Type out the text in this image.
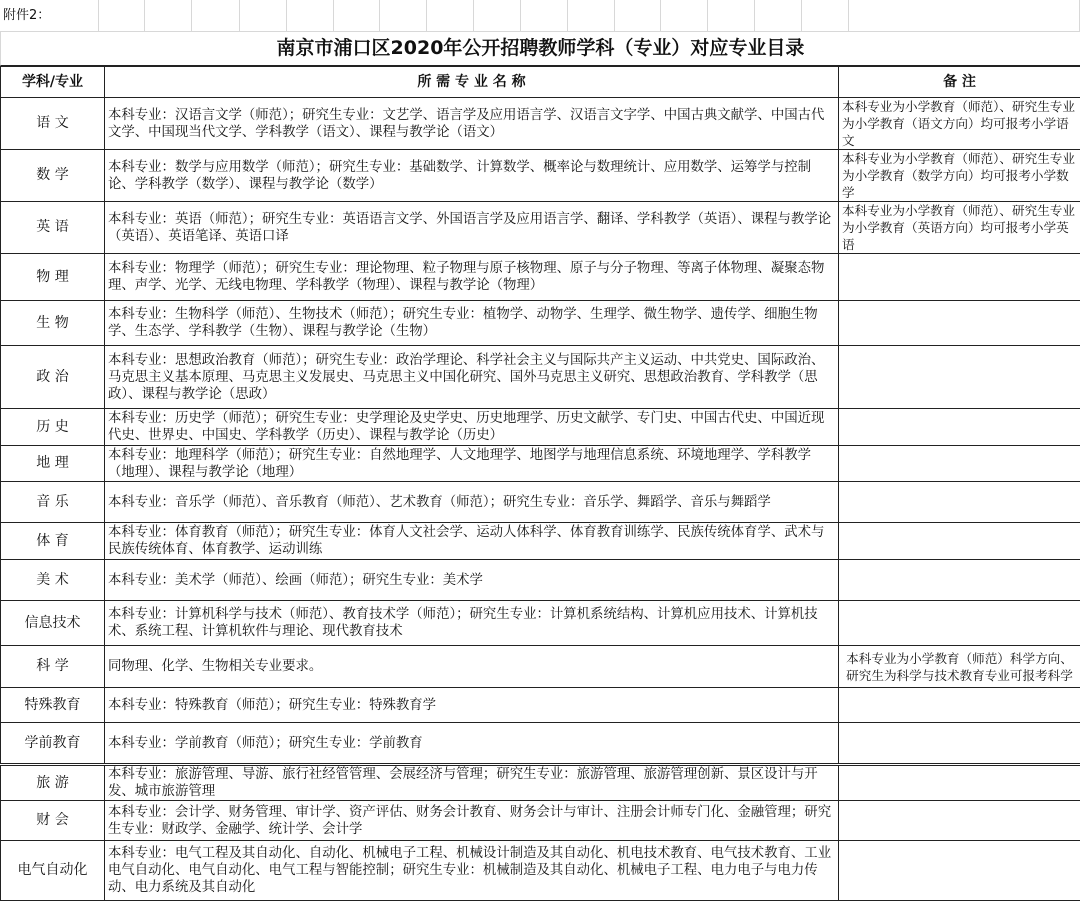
附件2：
南京市浦口区2020年公开招聘教师学科（专业）对应专业目录
学科/专业	所 需 专 业 名 称	备 注
语 文	本科专业：汉语言文学（师范）；研究生专业：文艺学、语言学及应用语言学、汉语言文字学、中国古典文献学、中国古代文学、中国现当代文学、学科教学（语文）、课程与教学论（语文）	本科专业为小学教育（师范）、研究生专业为小学教育（语文方向）均可报考小学语文
数 学	本科专业：数学与应用数学（师范）；研究生专业：基础数学、计算数学、概率论与数理统计、应用数学、运筹学与控制论、学科教学（数学）、课程与教学论（数学）	本科专业为小学教育（师范）、研究生专业为小学教育（数学方向）均可报考小学数学
英 语	本科专业：英语（师范）；研究生专业：英语语言文学、外国语言学及应用语言学、翻译、学科教学（英语）、课程与教学论（英语）、英语笔译、英语口译	本科专业为小学教育（师范）、研究生专业为小学教育（英语方向）均可报考小学英语
物 理	本科专业：物理学（师范）；研究生专业：理论物理、粒子物理与原子核物理、原子与分子物理、等离子体物理、凝聚态物理、声学、光学、无线电物理、学科教学（物理）、课程与教学论（物理）	
生 物	本科专业：生物科学（师范）、生物技术（师范）；研究生专业：植物学、动物学、生理学、微生物学、遗传学、细胞生物学、生态学、学科教学（生物）、课程与教学论（生物）	
政 治	本科专业：思想政治教育（师范）；研究生专业：政治学理论、科学社会主义与国际共产主义运动、中共党史、国际政治、马克思主义基本原理、马克思主义发展史、马克思主义中国化研究、国外马克思主义研究、思想政治教育、学科教学（思政）、课程与教学论（思政）	
历 史	本科专业：历史学（师范）；研究生专业：史学理论及史学史、历史地理学、历史文献学、专门史、中国古代史、中国近现代史、世界史、中国史、学科教学（历史）、课程与教学论（历史）	
地 理	本科专业：地理科学（师范）；研究生专业：自然地理学、人文地理学、地图学与地理信息系统、环境地理学、学科教学（地理）、课程与教学论（地理）	
音 乐	本科专业：音乐学（师范）、音乐教育（师范）、艺术教育（师范）；研究生专业：音乐学、舞蹈学、音乐与舞蹈学	
体 育	本科专业：体育教育（师范）；研究生专业：体育人文社会学、运动人体科学、体育教育训练学、民族传统体育学、武术与民族传统体育、体育教学、运动训练	
美 术	本科专业：美术学（师范）、绘画（师范）；研究生专业：美术学	
信息技术	本科专业：计算机科学与技术（师范）、教育技术学（师范）；研究生专业：计算机系统结构、计算机应用技术、计算机技术、系统工程、计算机软件与理论、现代教育技术	
科 学	同物理、化学、生物相关专业要求。	本科专业为小学教育（师范）科学方向、研究生为科学与技术教育专业可报考科学
特殊教育	本科专业：特殊教育（师范）；研究生专业：特殊教育学	
学前教育	本科专业：学前教育（师范）；研究生专业：学前教育	
旅 游	本科专业：旅游管理、导游、旅行社经管管理、会展经济与管理；研究生专业：旅游管理、旅游管理创新、景区设计与开发、城市旅游管理	
财 会	本科专业：会计学、财务管理、审计学、资产评估、财务会计教育、财务会计与审计、注册会计师专门化、金融管理；研究生专业：财政学、金融学、统计学、会计学	
电气自动化	本科专业：电气工程及其自动化、自动化、机械电子工程、机械设计制造及其自动化、机电技术教育、电气技术教育、工业电气自动化、电气自动化、电气工程与智能控制；研究生专业：机械制造及其自动化、机械电子工程、电力电子与电力传动、电力系统及其自动化	
